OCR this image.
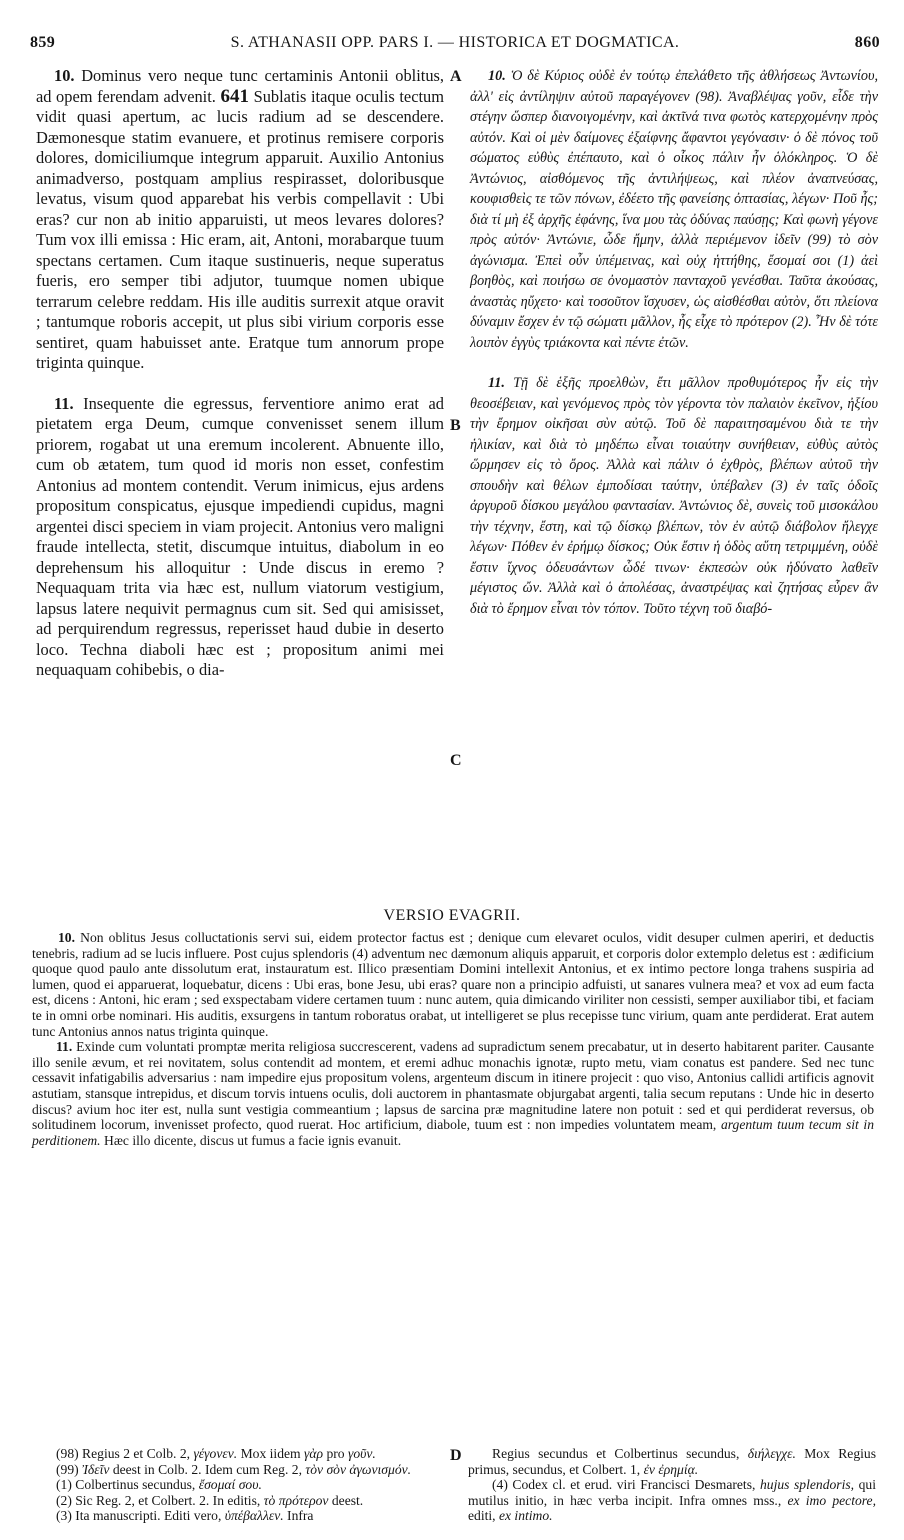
859	S. ATHANASII OPP. PARS I. — HISTORICA ET DOGMATICA.	860

10. Dominus vero neque tunc certaminis Antonii oblitus, ad opem ferendam advenit. 641 Sublatis itaque oculis tectum vidit quasi apertum, ac lucis radium ad se descendere. Dæmonesque statim evanuere, et protinus remisere corporis dolores, domiciliumque integrum apparuit. Auxilio Antonius animadverso, postquam amplius respirasset, doloribusque levatus, visum quod apparebat his verbis compellavit : Ubi eras? cur non ab initio apparuisti, ut meos levares dolores? Tum vox illi emissa : Hic eram, ait, Antoni, morabarque tuum spectans certamen. Cum itaque sustinueris, neque superatus fueris, ero semper tibi adjutor, tuumque nomen ubique terrarum celebre reddam. His ille auditis surrexit atque oravit ; tantumque roboris accepit, ut plus sibi virium corporis esse sentiret, quam habuisset ante. Eratque tum annorum prope triginta quinque.

11. Insequente die egressus, ferventiore animo erat ad pietatem erga Deum, cumque convenisset senem illum priorem, rogabat ut una eremum incolerent. Abnuente illo, cum ob ætatem, tum quod id moris non esset, confestim Antonius ad montem contendit. Verum inimicus, ejus ardens propositum conspicatus, ejusque impediendi cupidus, magni argentei disci speciem in viam projecit. Antonius vero maligni fraude intellecta, stetit, discumque intuitus, diabolum in eo deprehensum his alloquitur : Unde discus in eremo ? Nequaquam trita via hæc est, nullum viatorum vestigium, lapsus latere nequivit permagnus cum sit. Sed qui amisisset, ad perquirendum regressus, reperisset haud dubie in deserto loco. Techna diaboli hæc est ; propositum animi mei nequaquam cohibebis, o dia-

A
B
C
D

10. Ὁ δὲ Κύριος οὐδὲ ἐν τούτῳ ἐπελάθετο τῆς ἀθλήσεως Ἀντωνίου, ἀλλ' εἰς ἀντίληψιν αὐτοῦ παραγέγονεν (98). Ἀναβλέψας γοῦν, εἶδε τὴν στέγην ὥσπερ διανοιγομένην, καὶ ἀκτῖνά τινα φωτὸς κατερχομένην πρὸς αὐτόν. Καὶ οἱ μὲν δαίμονες ἐξαίφνης ἄφαντοι γεγόνασιν· ὁ δὲ πόνος τοῦ σώματος εὐθὺς ἐπέπαυτο, καὶ ὁ οἶκος πάλιν ἦν ὁλόκληρος. Ὁ δὲ Ἀντώνιος, αἰσθόμενος τῆς ἀντιλήψεως, καὶ πλέον ἀναπνεύσας, κουφισθεὶς τε τῶν πόνων, ἐδέετο τῆς φανείσης ὀπτασίας, λέγων· Ποῦ ἦς; διὰ τί μὴ ἐξ ἀρχῆς ἐφάνης, ἵνα μου τὰς ὀδύνας παύσῃς; Καὶ φωνὴ γέγονε πρὸς αὐτόν· Ἀντώνιε, ὧδε ἤμην, ἀλλὰ περιέμενον ἰδεῖν (99) τὸ σὸν ἀγώνισμα. Ἐπεὶ οὖν ὑπέμεινας, καὶ οὐχ ἡττήθης, ἔσομαί σοι (1) ἀεὶ βοηθὸς, καὶ ποιήσω σε ὀνομαστὸν πανταχοῦ γενέσθαι. Ταῦτα ἀκούσας, ἀναστὰς ηὔχετο· καὶ τοσοῦτον ἴσχυσεν, ὡς αἰσθέσθαι αὐτὸν, ὅτι πλείονα δύναμιν ἔσχεν ἐν τῷ σώματι μᾶλλον, ἧς εἶχε τὸ πρότερον (2). Ἦν δὲ τότε λοιπὸν ἐγγὺς τριάκοντα καὶ πέντε ἐτῶν.

11. Τῇ δὲ ἑξῆς προελθὼν, ἔτι μᾶλλον προθυμότερος ἦν εἰς τὴν θεοσέβειαν, καὶ γενόμενος πρὸς τὸν γέροντα τὸν παλαιὸν ἐκεῖνον, ἠξίου τὴν ἔρημον οἰκῆσαι σὺν αὐτῷ. Τοῦ δὲ παραιτησαμένου διὰ τε τὴν ἡλικίαν, καὶ διὰ τὸ μηδέπω εἶναι τοιαύτην συνήθειαν, εὐθὺς αὐτὸς ὥρμησεν εἰς τὸ ὄρος. Ἀλλὰ καὶ πάλιν ὁ ἐχθρὸς, βλέπων αὐτοῦ τὴν σπουδὴν καὶ θέλων ἐμποδίσαι ταύτην, ὑπέβαλεν (3) ἐν ταῖς ὁδοῖς ἀργυροῦ δίσκου μεγάλου φαντασίαν. Ἀντώνιος δὲ, συνεὶς τοῦ μισοκάλου τὴν τέχνην, ἔστη, καὶ τῷ δίσκῳ βλέπων, τὸν ἐν αὐτῷ διάβολον ἤλεγχε λέγων· Πόθεν ἐν ἐρήμῳ δίσκος; Οὐκ ἔστιν ἡ ὁδὸς αὕτη τετριμμένη, οὐδὲ ἔστιν ἴχνος ὁδευσάντων ὧδέ τινων· ἐκπεσὼν οὐκ ἠδύνατο λαθεῖν μέγιστος ὤν. Ἀλλὰ καὶ ὁ ἀπολέσας, ἀναστρέψας καὶ ζητήσας εὗρεν ἂν διὰ τὸ ἔρημον εἶναι τὸν τόπον. Τοῦτο τέχνη τοῦ διαβό-

VERSIO EVAGRII.

10. Non oblitus Jesus colluctationis servi sui, eidem protector factus est ; denique cum elevaret oculos, vidit desuper culmen aperiri, et deductis tenebris, radium ad se lucis influere. Post cujus splendoris (4) adventum nec dæmonum aliquis apparuit, et corporis dolor extemplo deletus est : ædificium quoque quod paulo ante dissolutum erat, instauratum est. Illico præsentiam Domini intellexit Antonius, et ex intimo pectore longa trahens suspiria ad lumen, quod ei apparuerat, loquebatur, dicens : Ubi eras, bone Jesu, ubi eras? quare non a principio adfuisti, ut sanares vulnera mea? et vox ad eum facta est, dicens : Antoni, hic eram ; sed exspectabam videre certamen tuum : nunc autem, quia dimicando viriliter non cessisti, semper auxiliabor tibi, et faciam te in omni orbe nominari. His auditis, exsurgens in tantum roboratus orabat, ut intelligeret se plus recepisse tunc virium, quam ante perdiderat. Erat autem tunc Antonius annos natus triginta quinque.

11. Exinde cum voluntati promptæ merita religiosa succrescerent, vadens ad supradictum senem precabatur, ut in deserto habitarent pariter. Causante illo senile ævum, et rei novitatem, solus contendit ad montem, et eremi adhuc monachis ignotæ, rupto metu, viam conatus est pandere. Sed nec tunc cessavit infatigabilis adversarius : nam impedire ejus propositum volens, argenteum discum in itinere projecit : quo viso, Antonius callidi artificis agnovit astutiam, stansque intrepidus, et discum torvis intuens oculis, doli auctorem in phantasmate objurgabat argenti, talia secum reputans : Unde hic in deserto discus? avium hoc iter est, nulla sunt vestigia commeantium ; lapsus de sarcina præ magnitudine latere non potuit : sed et qui perdiderat reversus, ob solitudinem locorum, invenisset profecto, quod ruerat. Hoc artificium, diabole, tuum est : non impedies voluntatem meam, argentum tuum tecum sit in perditionem. Hæc illo dicente, discus ut fumus a facie ignis evanuit.

(98) Regius 2 et Colb. 2, γέγονεν. Mox iidem γὰρ pro γοῦν.

(99) Ἰδεῖν deest in Colb. 2. Idem cum Reg. 2, τὸν σὸν ἀγωνισμόν.

(1) Colbertinus secundus, ἔσομαί σου.

(2) Sic Reg. 2, et Colbert. 2. In editis, τὸ πρότερον deest.

(3) Ita manuscripti. Editi vero, ὑπέβαλλεν. Infra

Regius secundus et Colbertinus secundus, διήλεγχε. Mox Regius primus, secundus, et Colbert. 1, ἐν ἐρημίᾳ.

(4) Codex cl. et erud. viri Francisci Desmarets, hujus splendoris, qui mutilus initio, in hæc verba incipit. Infra omnes mss., ex imo pectore, editi, ex intimo.
